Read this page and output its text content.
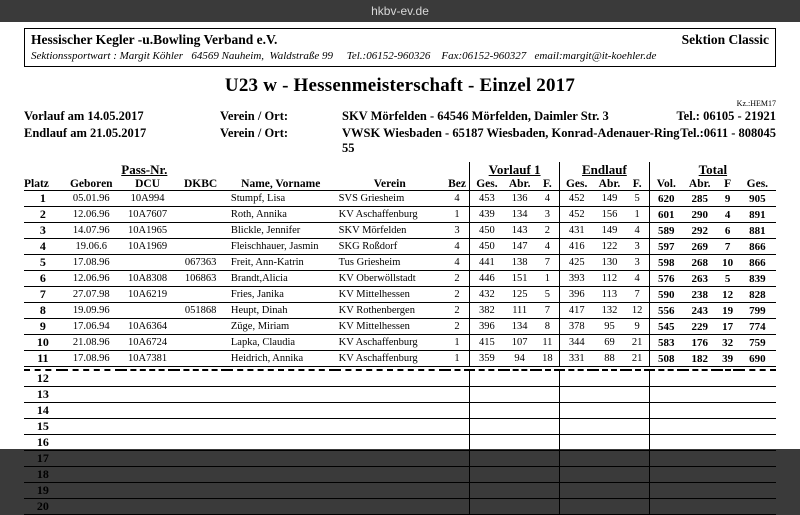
hkbv-ev.de
Hessischer Kegler -u.Bowling Verband e.V.	Sektion Classic
Sektionssportwart : Margit Köhler   64569 Nauheim,  Waldstraße 99     Tel.:06152-960326    Fax:06152-960327   email:margit@it-koehler.de
U23 w - Hessenmeisterschaft - Einzel 2017
Kz.:HEM17
Vorlauf am 14.05.2017	Verein / Ort:	SKV Mörfelden - 64546 Mörfelden, Daimler Str. 3	Tel.: 06105 - 21921
Endlauf am 21.05.2017	Verein / Ort:	VWSK Wiesbaden - 65187 Wiesbaden, Konrad-Adenauer-Ring 55
Tel.:0611 - 808045
	Pass-Nr.						Vorlauf 1			Endlauf			Total			
Platz	Geboren	DCU	DKBC	Name, Vorname	Verein	Bez	Ges.	Abr.	F.	Ges.	Abr.	F.	Vol.	Abr.	F	Ges.
1	05.01.96	10A994		Stumpf, Lisa	SVS Griesheim	4	453	136	4	452	149	5	620	285	9	905
2	12.06.96	10A7607		Roth, Annika	KV Aschaffenburg	1	439	134	3	452	156	1	601	290	4	891
3	14.07.96	10A1965		Blickle, Jennifer	SKV Mörfelden	3	450	143	2	431	149	4	589	292	6	881
4	19.06.6	10A1969		Fleischhauer, Jasmin	SKG Roßdorf	4	450	147	4	416	122	3	597	269	7	866
5	17.08.96		067363	Freit, Ann-Katrin	Tus Griesheim	4	441	138	7	425	130	3	598	268	10	866
6	12.06.96	10A8308	106863	Brandt,Alicia	KV Oberwöllstadt	2	446	151	1	393	112	4	576	263	5	839
7	27.07.98	10A6219		Fries, Janika	KV Mittelhessen	2	432	125	5	396	113	7	590	238	12	828
8	19.09.96		051868	Heupt, Dinah	KV Rothenbergen	2	382	111	7	417	132	12	556	243	19	799
9	17.06.94	10A6364		Züge, Miriam	KV Mittelhessen	2	396	134	8	378	95	9	545	229	17	774
10	21.08.96	10A6724		Lapka, Claudia	KV Aschaffenburg	1	415	107	11	344	69	21	583	176	32	759
11	17.08.96	10A7381		Heidrich, Annika	KV Aschaffenburg	1	359	94	18	331	88	21	508	182	39	690

12																
13																
14																
15																
16																
17																
18																
19																
20																
